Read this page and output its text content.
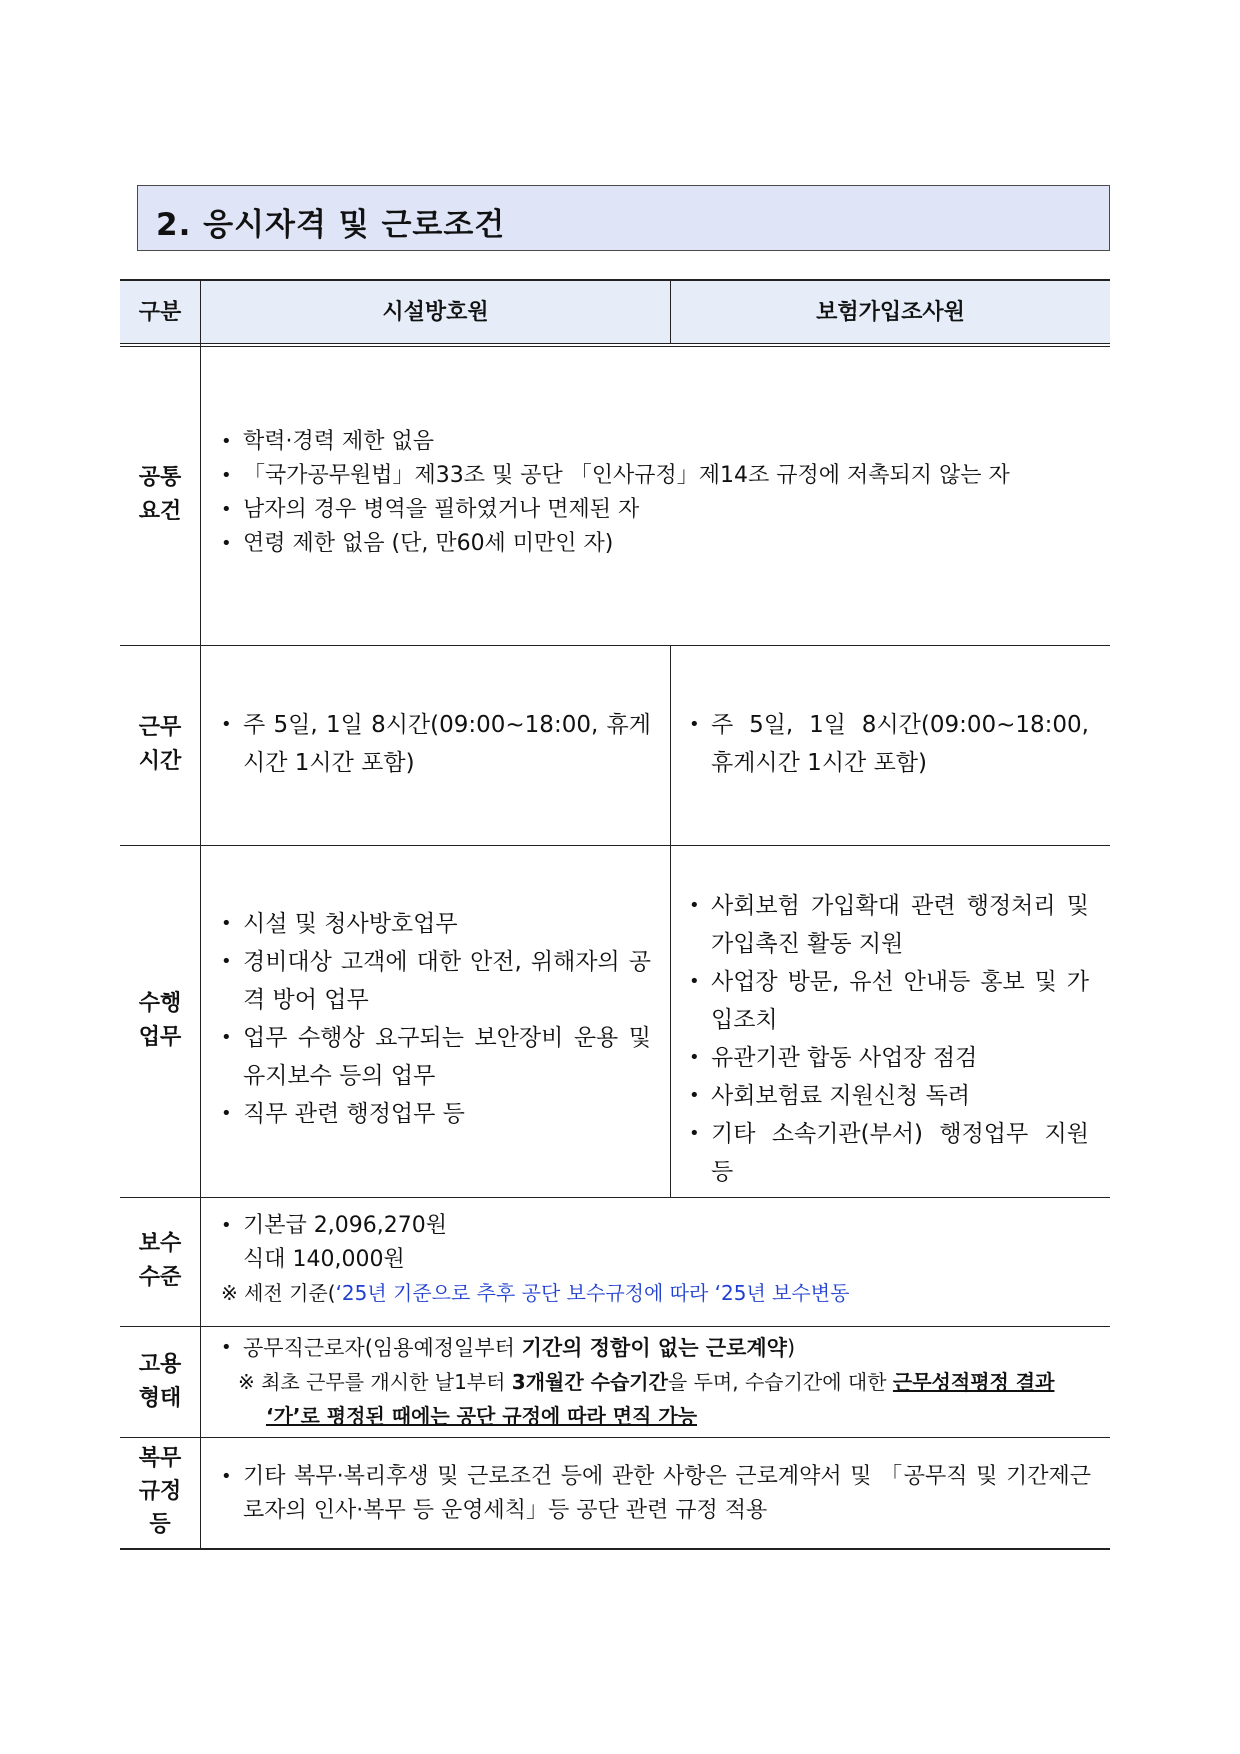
2. 응시자격 및 근로조건
구분	시설방호원	보험가입조사원
공통
요건
• 학력·경력 제한 없음
• 「국가공무원법」제33조 및 공단 「인사규정」제14조 규정에 저촉되지 않는 자
• 남자의 경우 병역을 필하였거나 면제된 자
• 연령 제한 없음 (단, 만60세 미만인 자)
근무
시간
• 주 5일, 1일 8시간(09:00~18:00, 휴게시간 1시간 포함)
• 주 5일, 1일 8시간(09:00~18:00, 휴게시간 1시간 포함)
수행
업무
• 시설 및 청사방호업무
• 경비대상 고객에 대한 안전, 위해자의 공격 방어 업무
• 업무 수행상 요구되는 보안장비 운용 및 유지보수 등의 업무
• 직무 관련 행정업무 등
• 사회보험 가입확대 관련 행정처리 및 가입촉진 활동 지원
• 사업장 방문, 유선 안내등 홍보 및 가입조치
• 유관기관 합동 사업장 점검
• 사회보험료 지원신청 독려
• 기타 소속기관(부서) 행정업무 지원 등
보수
수준
• 기본급 2,096,270원
식대 140,000원
※ 세전 기준(‘25년 기준으로 추후 공단 보수규정에 따라 ‘25년 보수변동
고용
형태
• 공무직근로자(임용예정일부터 기간의 정함이 없는 근로계약)
※ 최초 근무를 개시한 날1부터 3개월간 수습기간을 두며, 수습기간에 대한 근무성적평정 결과
‘가’로 평정된 때에는 공단 규정에 따라 면직 가능
복무
규정
등
• 기타 복무·복리후생 및 근로조건 등에 관한 사항은 근로계약서 및 「공무직 및 기간제근로자의 인사·복무 등 운영세칙」등 공단 관련 규정 적용
